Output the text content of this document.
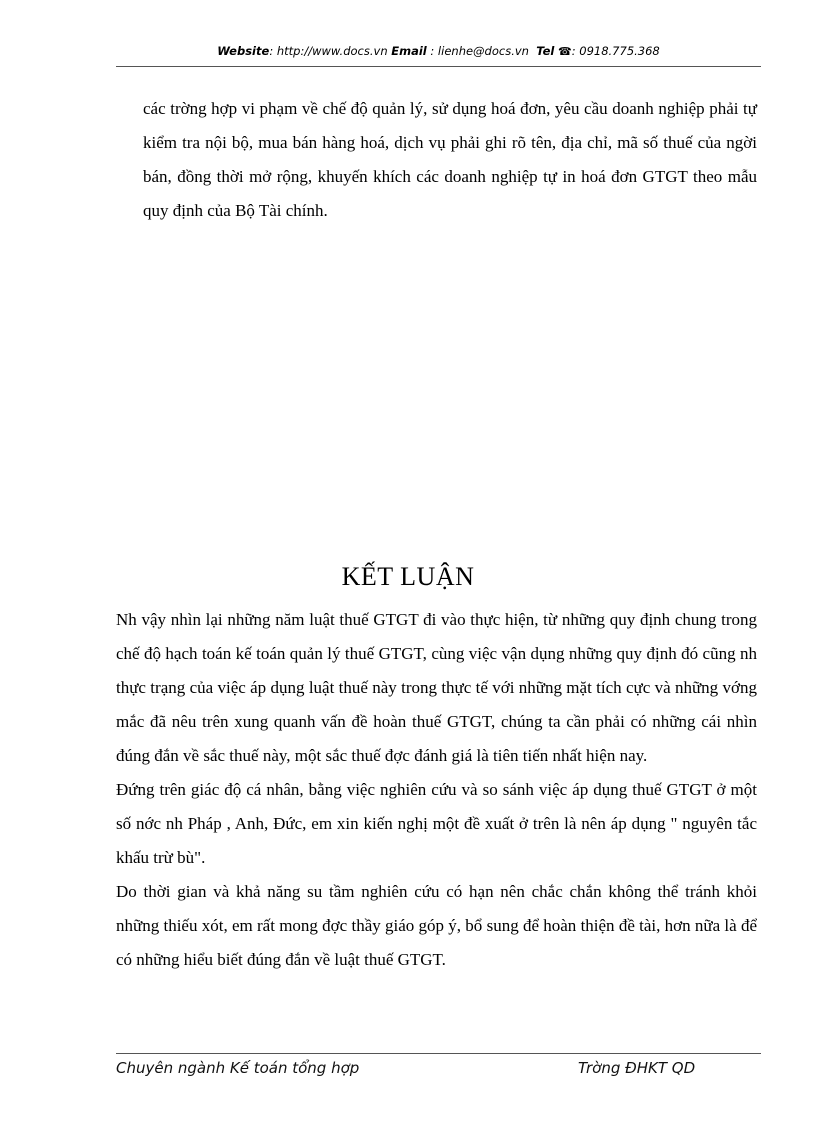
Website: http://www.docs.vn Email : lienhe@docs.vn Tel ☎: 0918.775.368
các trờng hợp vi phạm về chế độ quản lý, sử dụng hoá đơn, yêu cầu doanh nghiệp phải tự kiểm tra nội bộ, mua bán hàng hoá, dịch vụ phải ghi rõ tên, địa chỉ, mã số thuế của ngời bán, đồng thời mở rộng, khuyến khích các doanh nghiệp tự in hoá đơn GTGT theo mẫu quy định của Bộ Tài chính.
KẾT LUẬN

Nh vậy nhìn lại những năm luật thuế GTGT đi vào thực hiện, từ những quy định chung trong chế độ hạch toán kế toán quản lý thuế GTGT, cùng việc vận dụng những quy định đó cũng nh thực trạng của việc áp dụng luật thuế này trong thực tế với những mặt tích cực và những vớng mắc đã nêu trên xung quanh vấn đề hoàn thuế GTGT, chúng ta cần phải có những cái nhìn đúng đắn về sắc thuế này, một sắc thuế đợc đánh giá là tiên tiến nhất hiện nay.

Đứng trên giác độ cá nhân, bằng việc nghiên cứu và so sánh việc áp dụng thuế GTGT ở một số nớc nh Pháp , Anh, Đức, em xin kiến nghị một đề xuất ở trên là nên áp dụng " nguyên tắc khấu trừ bù".

Do thời gian và khả năng su tầm nghiên cứu có hạn nên chắc chắn không thể tránh khỏi những thiếu xót, em rất mong đợc thầy giáo góp ý, bổ sung để hoàn thiện đề tài, hơn nữa là để có những hiểu biết đúng đắn về luật thuế GTGT.

Chuyên ngành Kế toán tổng hợp	Trờng ĐHKT QD
